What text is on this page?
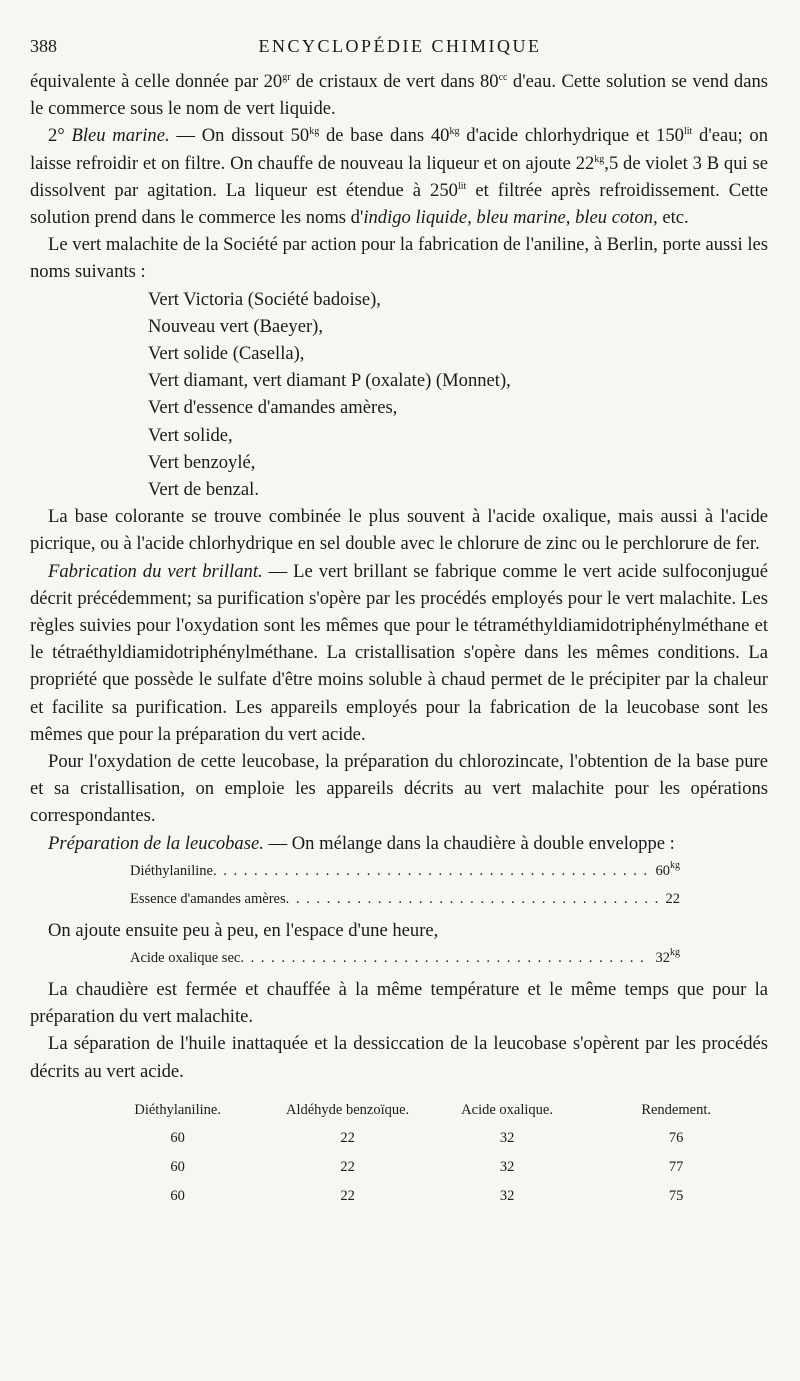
388	ENCYCLOPÉDIE CHIMIQUE

équivalente à celle donnée par $20^{gr}$ de cristaux de vert dans $80^{cc}$ d'eau. Cette solution se vend dans le commerce sous le nom de vert liquide.

2° Bleu marine. — On dissout $50^{kg}$ de base dans $40^{kg}$ d'acide chlorhydrique et $150^{lit}$ d'eau; on laisse refroidir et on filtre. On chauffe de nouveau la liqueur et on ajoute $22^{kg},5$ de violet 3 B qui se dissolvent par agitation. La liqueur est étendue à $250^{lit}$ et filtrée après refroidissement. Cette solution prend dans le commerce les noms d'indigo liquide, bleu marine, bleu coton, etc.

Le vert malachite de la Société par action pour la fabrication de l'aniline, à Berlin, porte aussi les noms suivants :

Vert Victoria (Société badoise),
Nouveau vert (Baeyer),
Vert solide (Casella),
Vert diamant, vert diamant P (oxalate) (Monnet),
Vert d'essence d'amandes amères,
Vert solide,
Vert benzoylé,
Vert de benzal.

La base colorante se trouve combinée le plus souvent à l'acide oxalique, mais aussi à l'acide picrique, ou à l'acide chlorhydrique en sel double avec le chlorure de zinc ou le perchlorure de fer.

Fabrication du vert brillant. — Le vert brillant se fabrique comme le vert acide sulfoconjugué décrit précédemment; sa purification s'opère par les procédés employés pour le vert malachite. Les règles suivies pour l'oxydation sont les mêmes que pour le tétraméthyldiamidotriphénylméthane et le tétraéthyldiamidotriphénylméthane. La cristallisation s'opère dans les mêmes conditions. La propriété que possède le sulfate d'être moins soluble à chaud permet de le précipiter par la chaleur et facilite sa purification. Les appareils employés pour la fabrication de la leucobase sont les mêmes que pour la préparation du vert acide.

Pour l'oxydation de cette leucobase, la préparation du chlorozincate, l'obtention de la base pure et sa cristallisation, on emploie les appareils décrits au vert malachite pour les opérations correspondantes.

Préparation de la leucobase. — On mélange dans la chaudière à double enveloppe :

Diéthylaniline . . .	$60^{kg}$
Essence d'amandes amères . . .	22

On ajoute ensuite peu à peu, en l'espace d'une heure,

Acide oxalique sec . . .	$32^{kg}$

La chaudière est fermée et chauffée à la même température et le même temps que pour la préparation du vert malachite.

La séparation de l'huile inattaquée et la dessiccation de la leucobase s'opèrent par les procédés décrits au vert acide.

Diéthylaniline.	Aldéhyde benzoïque.	Acide oxalique.	Rendement.
60	22	32	76
60	22	32	77
60	22	32	75
